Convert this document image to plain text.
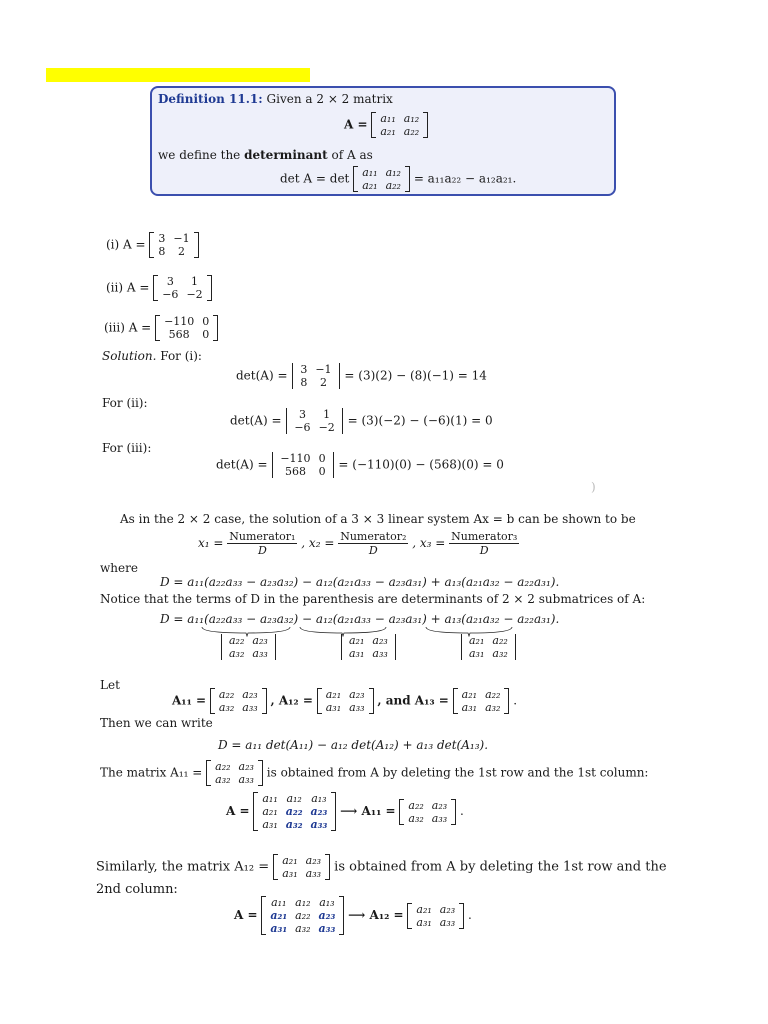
Definition 11.1: Given a 2 × 2 matrix
A = a₁₁	a₁₂
a₂₁	a₂₂
we define the determinant of A as
det A = det a₁₁	a₁₂
a₂₁	a₂₂ = a₁₁a₂₂ − a₁₂a₂₁.
(i) A = 3	−1
8	2
(ii) A = 3	1
−6	−2
(iii) A = −110	0
568	0
Solution. For (i):
det(A) = 3	−1
8	2 = (3)(2) − (8)(−1) = 14
For (ii):
det(A) = 3	1
−6	−2 = (3)(−2) − (−6)(1) = 0
For (iii):
det(A) = −110	0
568	0 = (−110)(0) − (568)(0) = 0
)
As in the 2 × 2 case, the solution of a 3 × 3 linear system Ax = b can be shown to be
$x_1 = \frac{\text{Numerator₁}}{D}$ , $x_2 = \frac{\text{Numerator₂}}{D}$ , $x_3 = \frac{\text{Numerator₃}}{D}$
where
D = a₁₁(a₂₂a₃₃ − a₂₃a₃₂) − a₁₂(a₂₁a₃₃ − a₂₃a₃₁) + a₁₃(a₂₁a₃₂ − a₂₂a₃₁).
Notice that the terms of D in the parenthesis are determinants of 2 × 2 submatrices of A:
D = a₁₁(a₂₂a₃₃ − a₂₃a₃₂) − a₁₂(a₂₁a₃₃ − a₂₃a₃₁) + a₁₃(a₂₁a₃₂ − a₂₂a₃₁).
a₂₂	a₂₃
a₃₂	a₃₃
a₂₁	a₂₃
a₃₁	a₃₃
a₂₁	a₂₂
a₃₁	a₃₂
Let
A₁₁ = a₂₂	a₂₃
a₃₂	a₃₃ , A₁₂ = a₂₁	a₂₃
a₃₁	a₃₃ , and A₁₃ = a₂₁	a₂₂
a₃₁	a₃₂ .
Then we can write
D = a₁₁ det(A₁₁) − a₁₂ det(A₁₂) + a₁₃ det(A₁₃).
The matrix A₁₁ = a₂₂	a₂₃
a₃₂	a₃₃ is obtained from A by deleting the 1st row and the 1st column:
A =
a₁₁	a₁₂	a₁₃
a₂₁	a₂₂	a₂₃
a₃₁	a₃₂	a₃₃
⟶ A₁₁ = a₂₂	a₂₃
a₃₂	a₃₃ .
Similarly, the matrix A₁₂ = a₂₁	a₂₃
a₃₁	a₃₃ is obtained from A by deleting the 1st row and the
2nd column:
A =
a₁₁	a₁₂	a₁₃
a₂₁	a₂₂	a₂₃
a₃₁	a₃₂	a₃₃
⟶ A₁₂ = a₂₁	a₂₃
a₃₁	a₃₃ .
